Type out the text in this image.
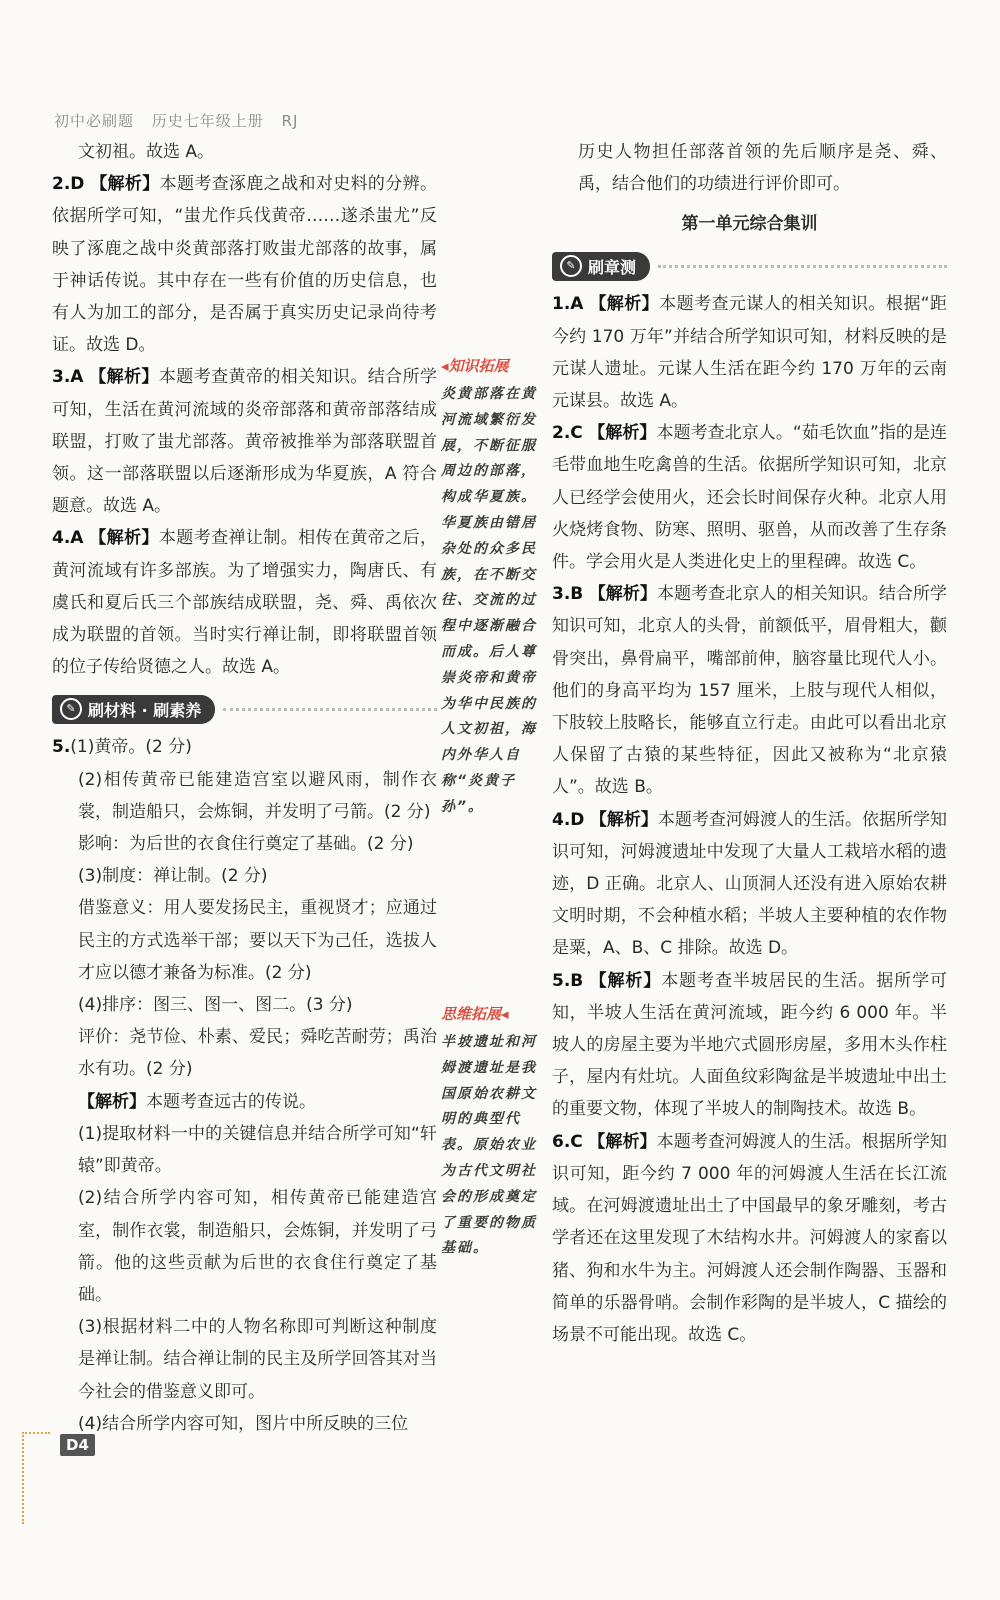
初中必刷题 历史七年级上册 RJ

文初祖。故选 A。

2.D 【解析】本题考查涿鹿之战和对史料的分辨。依据所学可知，“蚩尤作兵伐黄帝……遂杀蚩尤”反映了涿鹿之战中炎黄部落打败蚩尤部落的故事，属于神话传说。其中存在一些有价值的历史信息，也有人为加工的部分，是否属于真实历史记录尚待考证。故选 D。

3.A 【解析】本题考查黄帝的相关知识。结合所学可知，生活在黄河流域的炎帝部落和黄帝部落结成联盟，打败了蚩尤部落。黄帝被推举为部落联盟首领。这一部落联盟以后逐渐形成为华夏族，A 符合题意。故选 A。

4.A 【解析】本题考查禅让制。相传在黄帝之后，黄河流域有许多部族。为了增强实力，陶唐氏、有虞氏和夏后氏三个部族结成联盟，尧、舜、禹依次成为联盟的首领。当时实行禅让制，即将联盟首领的位子传给贤德之人。故选 A。

✎ 刷材料 · 刷素养

5.(1)黄帝。(2 分)

(2)相传黄帝已能建造宫室以避风雨，制作衣裳，制造船只，会炼铜，并发明了弓箭。(2 分)

影响：为后世的衣食住行奠定了基础。(2 分)

(3)制度：禅让制。(2 分)

借鉴意义：用人要发扬民主，重视贤才；应通过民主的方式选举干部；要以天下为己任，选拔人才应以德才兼备为标准。(2 分)

(4)排序：图三、图一、图二。(3 分)

评价：尧节俭、朴素、爱民；舜吃苦耐劳；禹治水有功。(2 分)

【解析】本题考查远古的传说。

(1)提取材料一中的关键信息并结合所学可知“轩辕”即黄帝。

(2)结合所学内容可知，相传黄帝已能建造宫室，制作衣裳，制造船只，会炼铜，并发明了弓箭。他的这些贡献为后世的衣食住行奠定了基础。

(3)根据材料二中的人物名称即可判断这种制度是禅让制。结合禅让制的民主及所学回答其对当今社会的借鉴意义即可。

(4)结合所学内容可知，图片中所反映的三位

◂知识拓展
炎黄部落在黄河流域繁衍发展，不断征服周边的部落，构成华夏族。华夏族由错居杂处的众多民族，在不断交往、交流的过程中逐渐融合而成。后人尊崇炎帝和黄帝为华中民族的人文初祖，海内外华人自称“炎黄子孙”。
思维拓展◂
半坡遗址和河姆渡遗址是我国原始农耕文明的典型代表。原始农业为古代文明社会的形成奠定了重要的物质基础。

历史人物担任部落首领的先后顺序是尧、舜、禹，结合他们的功绩进行评价即可。

第一单元综合集训
✎ 刷章测

1.A 【解析】本题考查元谋人的相关知识。根据“距今约 170 万年”并结合所学知识可知，材料反映的是元谋人遗址。元谋人生活在距今约 170 万年的云南元谋县。故选 A。

2.C 【解析】本题考查北京人。“茹毛饮血”指的是连毛带血地生吃禽兽的生活。依据所学知识可知，北京人已经学会使用火，还会长时间保存火种。北京人用火烧烤食物、防寒、照明、驱兽，从而改善了生存条件。学会用火是人类进化史上的里程碑。故选 C。

3.B 【解析】本题考查北京人的相关知识。结合所学知识可知，北京人的头骨，前额低平，眉骨粗大，颧骨突出，鼻骨扁平，嘴部前伸，脑容量比现代人小。他们的身高平均为 157 厘米，上肢与现代人相似，下肢较上肢略长，能够直立行走。由此可以看出北京人保留了古猿的某些特征，因此又被称为“北京猿人”。故选 B。

4.D 【解析】本题考查河姆渡人的生活。依据所学知识可知，河姆渡遗址中发现了大量人工栽培水稻的遗迹，D 正确。北京人、山顶洞人还没有进入原始农耕文明时期，不会种植水稻；半坡人主要种植的农作物是粟，A、B、C 排除。故选 D。

5.B 【解析】本题考查半坡居民的生活。据所学可知，半坡人生活在黄河流域，距今约 6 000 年。半坡人的房屋主要为半地穴式圆形房屋，多用木头作柱子，屋内有灶坑。人面鱼纹彩陶盆是半坡遗址中出土的重要文物，体现了半坡人的制陶技术。故选 B。

6.C 【解析】本题考查河姆渡人的生活。根据所学知识可知，距今约 7 000 年的河姆渡人生活在长江流域。在河姆渡遗址出土了中国最早的象牙雕刻，考古学者还在这里发现了木结构水井。河姆渡人的家畜以猪、狗和水牛为主。河姆渡人还会制作陶器、玉器和简单的乐器骨哨。会制作彩陶的是半坡人，C 描绘的场景不可能出现。故选 C。

D4
